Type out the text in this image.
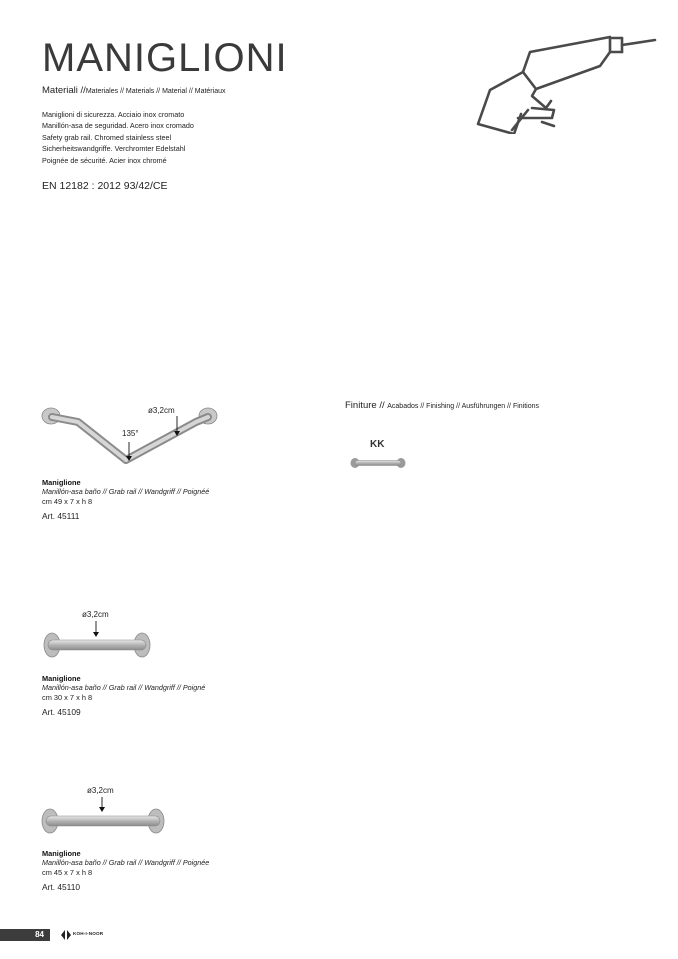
MANIGLIONI
Materiali //Materiales // Materials // Material // Matériaux
Maniglioni di sicurezza. Acciaio inox cromato
Manillón-asa de seguridad. Acero inox cromado
Safety grab rail. Chromed stainless steel
Sicherheitswandgriffe. Verchromter Edelstahl
Poignée de sécurité. Acier inox chromé
EN 12182 : 2012 93/42/CE
ø3,2cm
135°
Maniglione
Manillón-asa baño // Grab rail // Wandgriff // Poignéé
cm 49 x 7 x h 8
Art. 45111
Finiture // Acabados // Finishing // Ausführungen // Finitions
KK
ø3,2cm
Maniglione
Manillón-asa baño // Grab rail // Wandgriff // Poigné
cm 30 x 7 x h 8
Art. 45109
ø3,2cm
Maniglione
Manillón-asa baño // Grab rail // Wandgriff // Poignée
cm 45 x 7 x h 8
Art. 45110
84	KOH-I-NOOR
